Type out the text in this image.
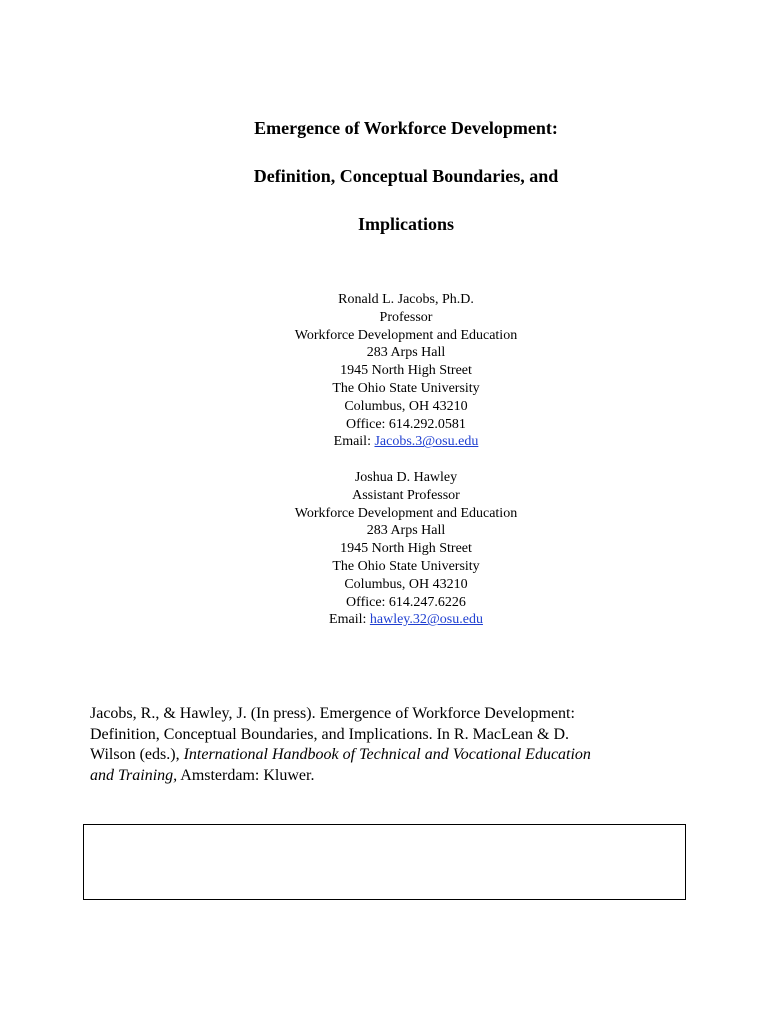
Emergence of Workforce Development:

Definition, Conceptual Boundaries, and

Implications

Ronald L. Jacobs, Ph.D.
Professor
Workforce Development and Education
283 Arps Hall
1945 North High Street
The Ohio State University
Columbus, OH 43210
Office: 614.292.0581
Email: Jacobs.3@osu.edu
Joshua D. Hawley
Assistant Professor
Workforce Development and Education
283 Arps Hall
1945 North High Street
The Ohio State University
Columbus, OH 43210
Office: 614.247.6226
Email: hawley.32@osu.edu
Jacobs, R., & Hawley, J. (In press). Emergence of Workforce Development:
Definition, Conceptual Boundaries, and Implications. In R. MacLean & D.
Wilson (eds.), International Handbook of Technical and Vocational Education
and Training, Amsterdam: Kluwer.
